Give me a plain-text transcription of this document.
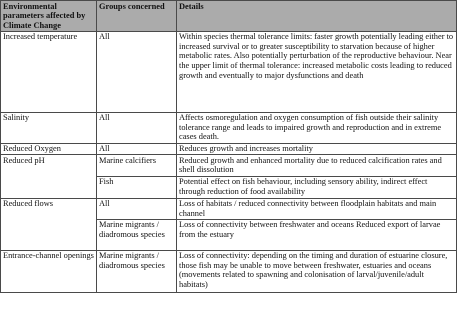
Environmental parameters affected by Climate Change	Groups concerned	Details
Increased temperature	All	Within species thermal tolerance limits: faster growth potentially leading either to increased survival or to greater susceptibility to starvation because of higher metabolic rates. Also potentially perturbation of the reproductive behaviour. Near the upper limit of thermal tolerance: increased metabolic costs leading to reduced growth and eventually to major dysfunctions and death
Salinity	All	Affects osmoregulation and oxygen consumption of fish outside their salinity tolerance range and leads to impaired growth and reproduction and in extreme cases death.
Reduced Oxygen	All	Reduces growth and increases mortality
Reduced pH	Marine calcifiers	Reduced growth and enhanced mortality due to reduced calcification rates and shell dissolution
	Fish	Potential effect on fish behaviour, including sensory ability, indirect effect through reduction of food availability
Reduced flows	All	Loss of habitats / reduced connectivity between floodplain habitats and main channel
	Marine migrants / diadromous species	Loss of connectivity between freshwater and oceans Reduced export of larvae from the estuary
Entrance-channel openings	Marine migrants / diadromous species	Loss of connectivity: depending on the timing and duration of estuarine closure, those fish may be unable to move between freshwater, estuaries and oceans (movements related to spawning and colonisation of larval/juvenile/adult habitats)
